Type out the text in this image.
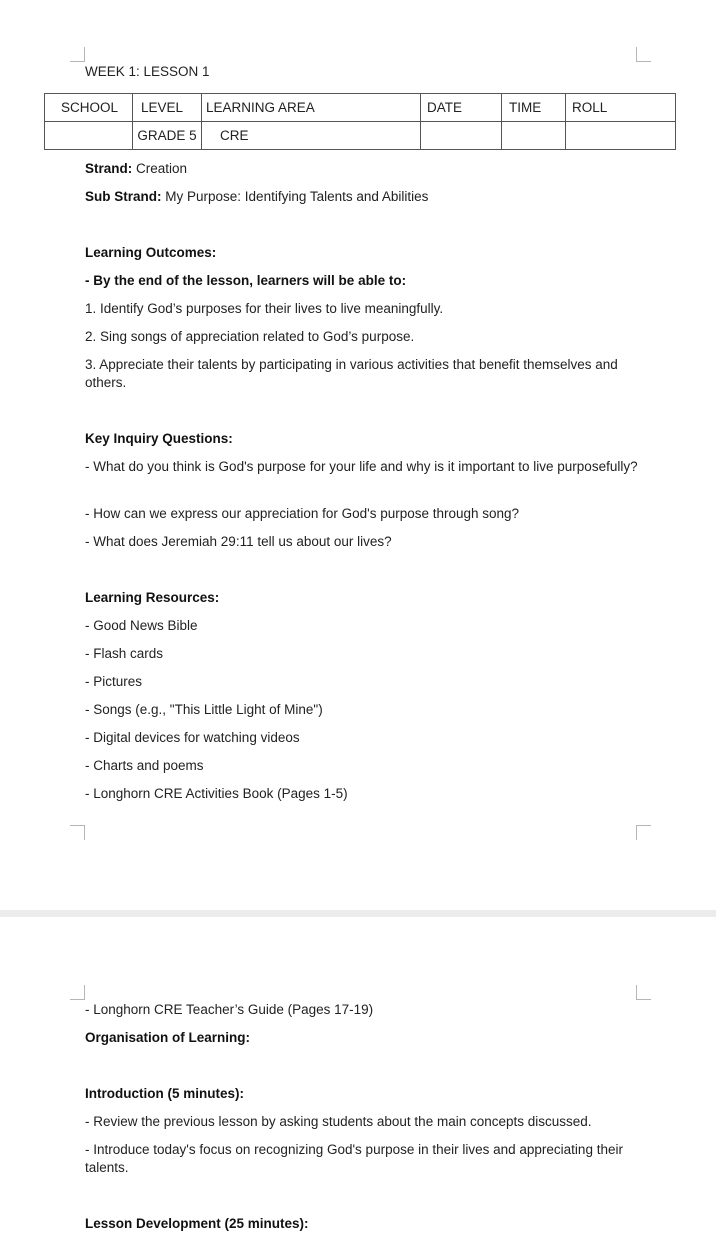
WEEK 1: LESSON 1
SCHOOL	LEVEL	LEARNING AREA	DATE	TIME	ROLL
	GRADE 5	CRE			
Strand: Creation
Sub Strand: My Purpose: Identifying Talents and Abilities
Learning Outcomes:
- By the end of the lesson, learners will be able to:
1. Identify God’s purposes for their lives to live meaningfully.
2. Sing songs of appreciation related to God’s purpose.
3. Appreciate their talents by participating in various activities that benefit themselves and others.
Key Inquiry Questions:
- What do you think is God's purpose for your life and why is it important to live purposefully?
- How can we express our appreciation for God's purpose through song?
- What does Jeremiah 29:11 tell us about our lives?
Learning Resources:
- Good News Bible
- Flash cards
- Pictures
- Songs (e.g., "This Little Light of Mine")
- Digital devices for watching videos
- Charts and poems
- Longhorn CRE Activities Book (Pages 1-5)
- Longhorn CRE Teacher’s Guide (Pages 17-19)
Organisation of Learning:
Introduction (5 minutes):
- Review the previous lesson by asking students about the main concepts discussed.
- Introduce today's focus on recognizing God's purpose in their lives and appreciating their talents.
Lesson Development (25 minutes):
